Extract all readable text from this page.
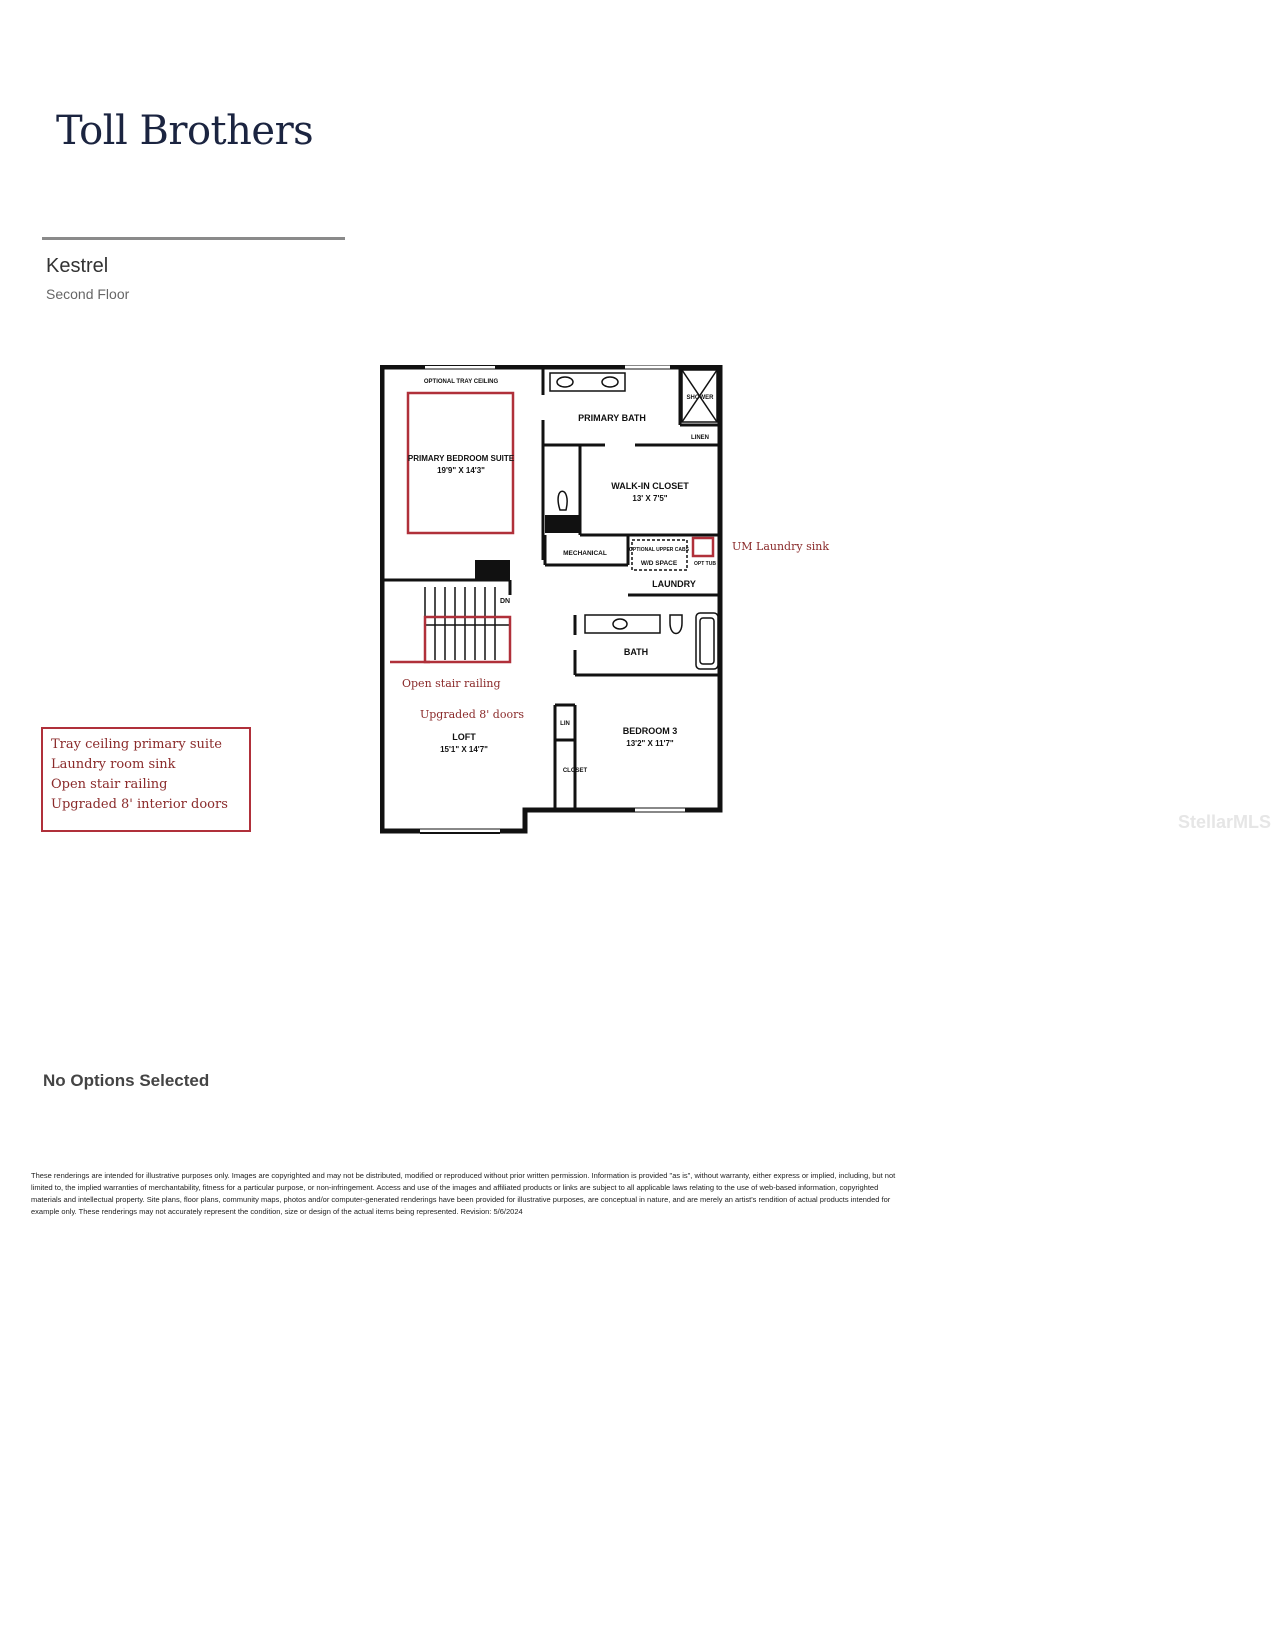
Toll Brothers
Kestrel
Second Floor
OPTIONAL TRAY CEILING
PRIMARY BEDROOM SUITE
19'9" X 14'3"
PRIMARY BATH
SHOWER
LINEN
WALK-IN CLOSET
13' X 7'5"
MECHANICAL	OPTIONAL UPPER CABS
W/D SPACE	OPT TUB
LAUNDRY
DN
BATH
LIN
BEDROOM 3
13'2" X 11'7"
CLOSET
LOFT
15'1" X 14'7"
UM Laundry sink
Open stair railing
Upgraded 8' doors
Tray ceiling primary suite
Laundry room sink
Open stair railing
Upgraded 8' interior doors
StellarMLS
No Options Selected
These renderings are intended for illustrative purposes only. Images are copyrighted and may not be distributed, modified or reproduced without prior written permission. Information is provided "as is", without warranty, either express or implied, including, but not limited to, the implied warranties of merchantability, fitness for a particular purpose, or non-infringement. Access and use of the images and affiliated products or links are subject to all applicable laws relating to the use of web-based information, copyrighted materials and intellectual property. Site plans, floor plans, community maps, photos and/or computer-generated renderings have been provided for illustrative purposes, are conceptual in nature, and are merely an artist's rendition of actual products intended for example only. These renderings may not accurately represent the condition, size or design of the actual items being represented. Revision: 5/6/2024
